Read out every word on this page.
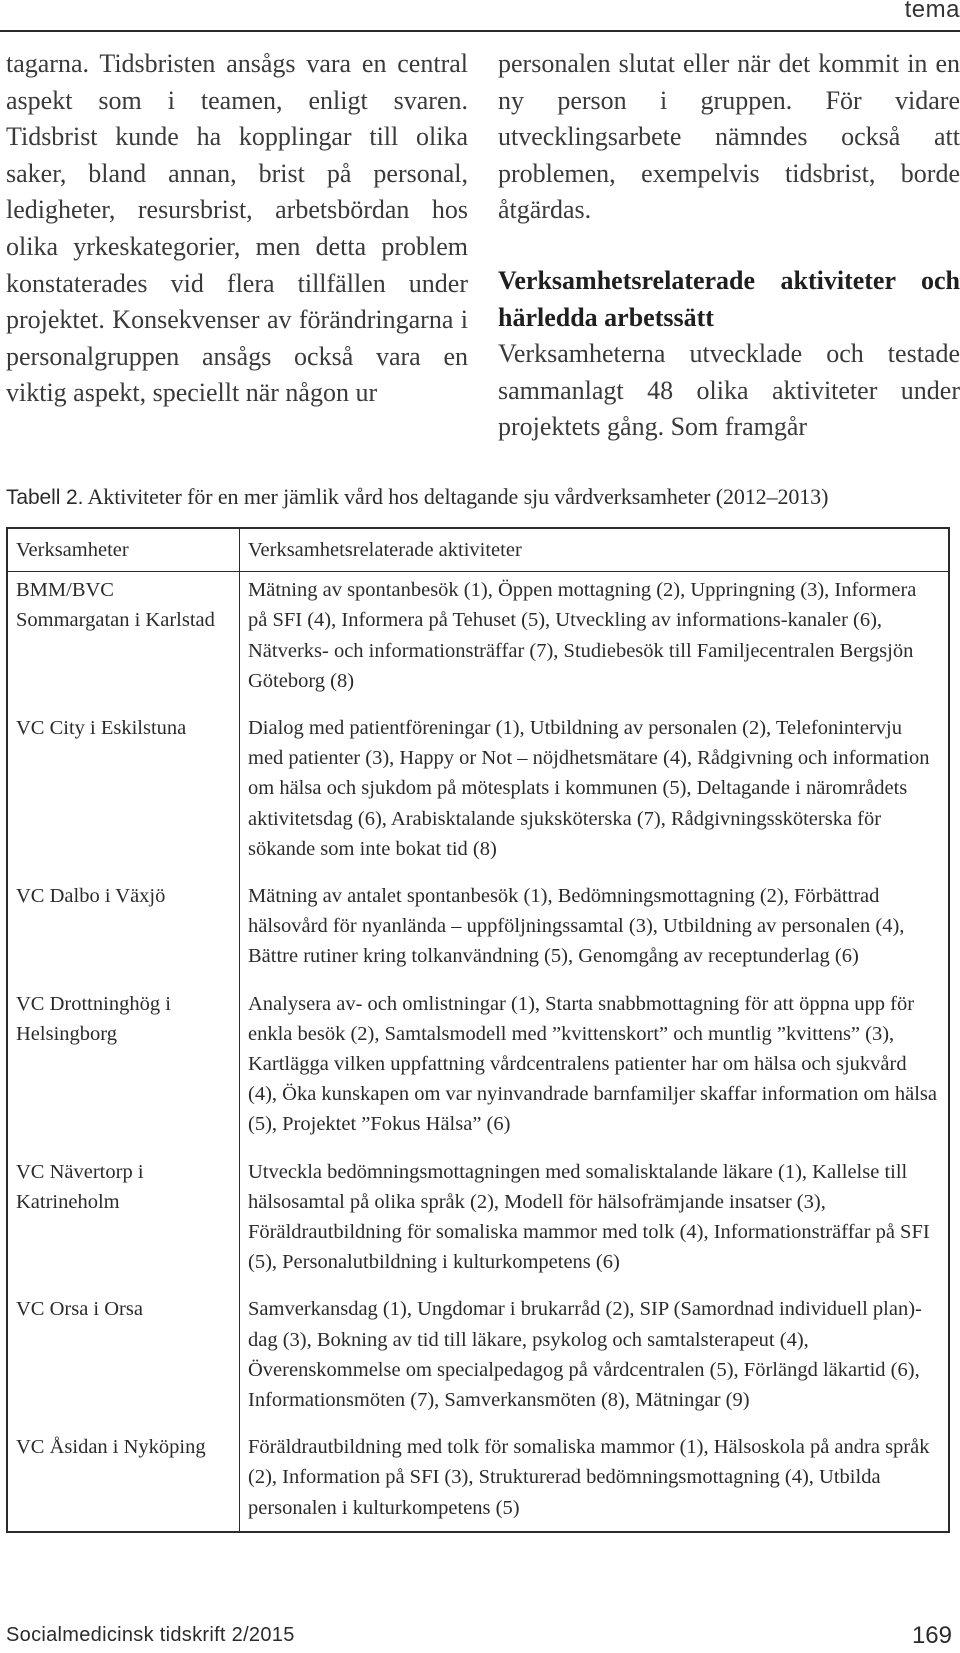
tema

tagarna. Tidsbristen ansågs vara en central aspekt som i teamen, enligt svaren. Tidsbrist kunde ha kopplingar till olika saker, bland annan, brist på personal, ledigheter, resursbrist, arbetsbördan hos olika yrkeskategorier, men detta problem konstaterades vid flera tillfällen under projektet. Konsekvenser av förändringarna i personalgruppen ansågs också vara en viktig aspekt, speciellt när någon ur

personalen slutat eller när det kommit in en ny person i gruppen. För vidare utvecklingsarbete nämndes också att problemen, exempelvis tidsbrist, borde åtgärdas.

Verksamhetsrelaterade aktiviteter och härledda arbetssätt

Verksamheterna utvecklade och testade sammanlagt 48 olika aktiviteter under projektets gång. Som framgår

Tabell 2. Aktiviteter för en mer jämlik vård hos deltagande sju vårdverksamheter (2012–2013)
Verksamheter	Verksamhetsrelaterade aktiviteter
BMM/BVC Sommargatan i Karlstad	Mätning av spontanbesök (1), Öppen mottagning (2), Uppringning (3), Informera på SFI (4), Informera på Tehuset (5), Utveckling av informations-kanaler (6), Nätverks- och informationsträffar (7), Studiebesök till Familjecentralen Bergsjön Göteborg (8)
VC City i Eskilstuna	Dialog med patientföreningar (1), Utbildning av personalen (2), Telefonintervju med patienter (3), Happy or Not – nöjdhetsmätare (4), Rådgivning och information om hälsa och sjukdom på mötesplats i kommunen (5), Deltagande i närområdets aktivitetsdag (6), Arabisktalande sjuksköterska (7), Rådgivningssköterska för sökande som inte bokat tid (8)
VC Dalbo i Växjö	Mätning av antalet spontanbesök (1), Bedömningsmottagning (2), Förbättrad hälsovård för nyanlända – uppföljningssamtal (3), Utbildning av personalen (4), Bättre rutiner kring tolkanvändning (5), Genomgång av receptunderlag (6)
VC Drottninghög i Helsingborg	Analysera av- och omlistningar (1), Starta snabbmottagning för att öppna upp för enkla besök (2), Samtalsmodell med ”kvittenskort” och muntlig ”kvittens” (3), Kartlägga vilken uppfattning vårdcentralens patienter har om hälsa och sjukvård (4), Öka kunskapen om var nyinvandrade barnfamiljer skaffar information om hälsa (5), Projektet ”Fokus Hälsa” (6)
VC Nävertorp i Katrineholm	Utveckla bedömningsmottagningen med somalisktalande läkare (1), Kallelse till hälsosamtal på olika språk (2), Modell för hälsofrämjande insatser (3), Föräldrautbildning för somaliska mammor med tolk (4), Informationsträffar på SFI (5), Personalutbildning i kulturkompetens (6)
VC Orsa i Orsa	Samverkansdag (1), Ungdomar i brukarråd (2), SIP (Samordnad individuell plan)-dag (3), Bokning av tid till läkare, psykolog och samtalsterapeut (4), Överenskommelse om specialpedagog på vårdcentralen (5), Förlängd läkartid (6), Informationsmöten (7), Samverkansmöten (8), Mätningar (9)
VC Åsidan i Nyköping	Föräldrautbildning med tolk för somaliska mammor (1), Hälsoskola på andra språk (2), Information på SFI (3), Strukturerad bedömningsmottagning (4), Utbilda personalen i kulturkompetens (5)
Socialmedicinsk tidskrift 2/2015	169
